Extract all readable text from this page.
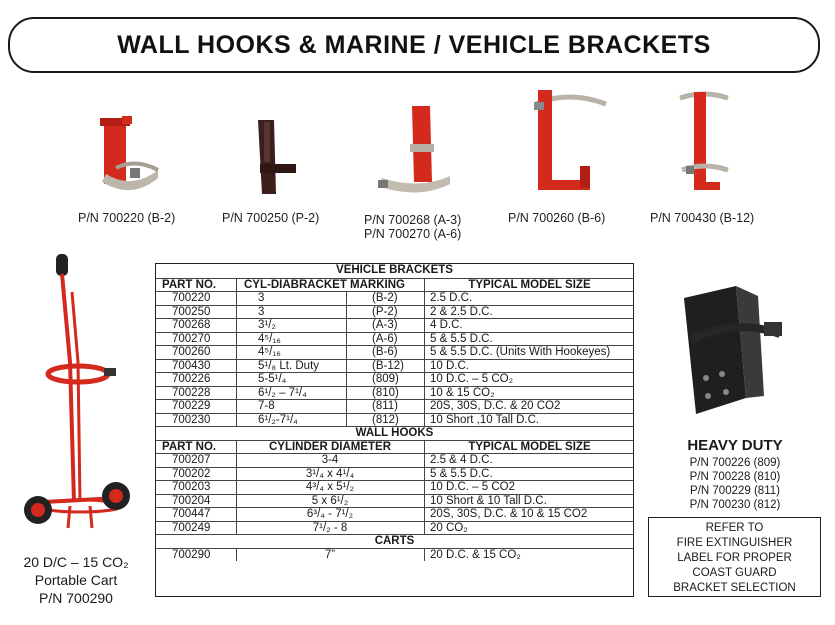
WALL HOOKS & MARINE / VEHICLE BRACKETS
P/N 700220 (B-2)	P/N 700250 (P-2)	P/N 700268 (A-3)
P/N 700270 (A-6)
P/N 700260 (B-6)	P/N 700430 (B-12)
20 D/C – 15 CO₂
Portable Cart
P/N 700290
VEHICLE BRACKETS
PART NO. CYL-DIABRACKET MARKING	TYPICAL MODEL SIZE
700220	3	(B-2)	2.5 D.C.
700250	3	(P-2)	2 & 2.5 D.C.
700268	3¹/₂	(A-3)	4 D.C.
700270	4⁵/₁₆	(A-6)	5 & 5.5 D.C.
700260	4⁵/₁₆	(B-6)	5 & 5.5 D.C. (Units With Hookeyes)
700430	5¹/₈ Lt. Duty	(B-12) 10 D.C.
700226	5-5¹/₄	(809)	10 D.C. – 5 CO₂
700228	6¹/₂ – 7¹/₄	(810)	10 & 15 CO₂
700229	7-8	(811)	20S, 30S, D.C. & 20 CO2
700230	6¹/₂-7¹/₄	(812)	10 Short ,10 Tall D.C.
WALL HOOKS
PART NO.	CYLINDER DIAMETER	TYPICAL MODEL SIZE
700207	3-4	2.5 & 4 D.C.
700202	3¹/₄ x 4¹/₄	5 & 5.5 D.C.
700203	4³/₄ x 5¹/₂	10 D.C. – 5 CO2
700204	5 x 6¹/₂	10 Short & 10 Tall D.C.
700447	6³/₄ - 7¹/₂	20S, 30S, D.C. & 10 & 15 CO2
700249	7¹/₂ - 8	20 CO₂
CARTS
700290	7”	20 D.C. & 15 CO₂
HEAVY DUTY
P/N 700226 (809)
P/N 700228 (810)
P/N 700229 (811)
P/N 700230 (812)
REFER TO
FIRE EXTINGUISHER
LABEL FOR PROPER
COAST GUARD
BRACKET SELECTION
